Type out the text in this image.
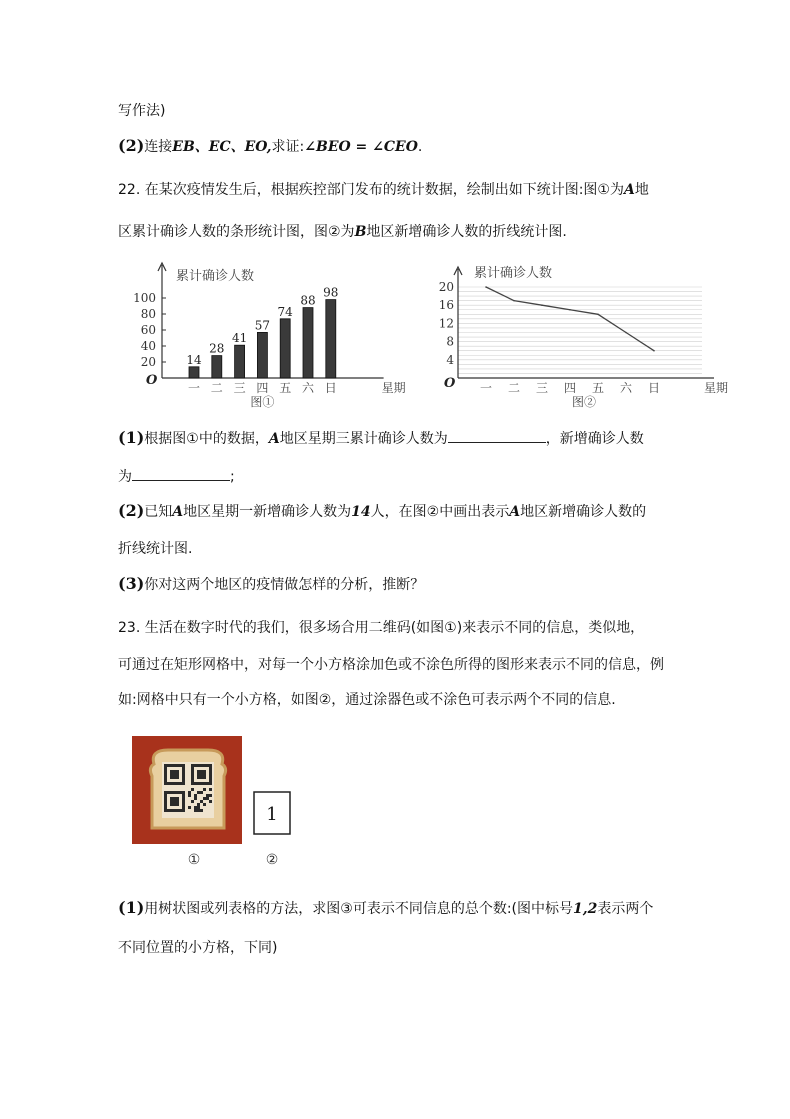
写作法)
(2)连接EB、EC、EO,求证:∠BEO = ∠CEO.
22. 在某次疫情发生后，根据疾控部门发布的统计数据，绘制出如下统计图:图①为A地
区累计确诊人数的条形统计图，图②为B地区新增确诊人数的折线统计图.
累计确诊人数
O
20
40
60
80
100
14
一
28
二
41
三
57
四
74
五
88
六
98
日	星期
图①
累计确诊人数
O
4
8
12
16
20
一 二 三 四 五 六 日	星期
图②
(1)根据图①中的数据，A地区星期三累计确诊人数为	，新增确诊人数
为	;
(2)已知A地区星期一新增确诊人数为14人，在图②中画出表示A地区新增确诊人数的
折线统计图.
(3)你对这两个地区的疫情做怎样的分析，推断？
23. 生活在数字时代的我们，很多场合用二维码(如图①)来表示不同的信息，类似地，
可通过在矩形网格中，对每一个小方格涂加色或不涂色所得的图形来表示不同的信息，例
如:网格中只有一个小方格，如图②，通过涂器色或不涂色可表示两个不同的信息.
①
1
②
(1)用树状图或列表格的方法，求图③可表示不同信息的总个数:(图中标号1,2表示两个
不同位置的小方格，下同)
